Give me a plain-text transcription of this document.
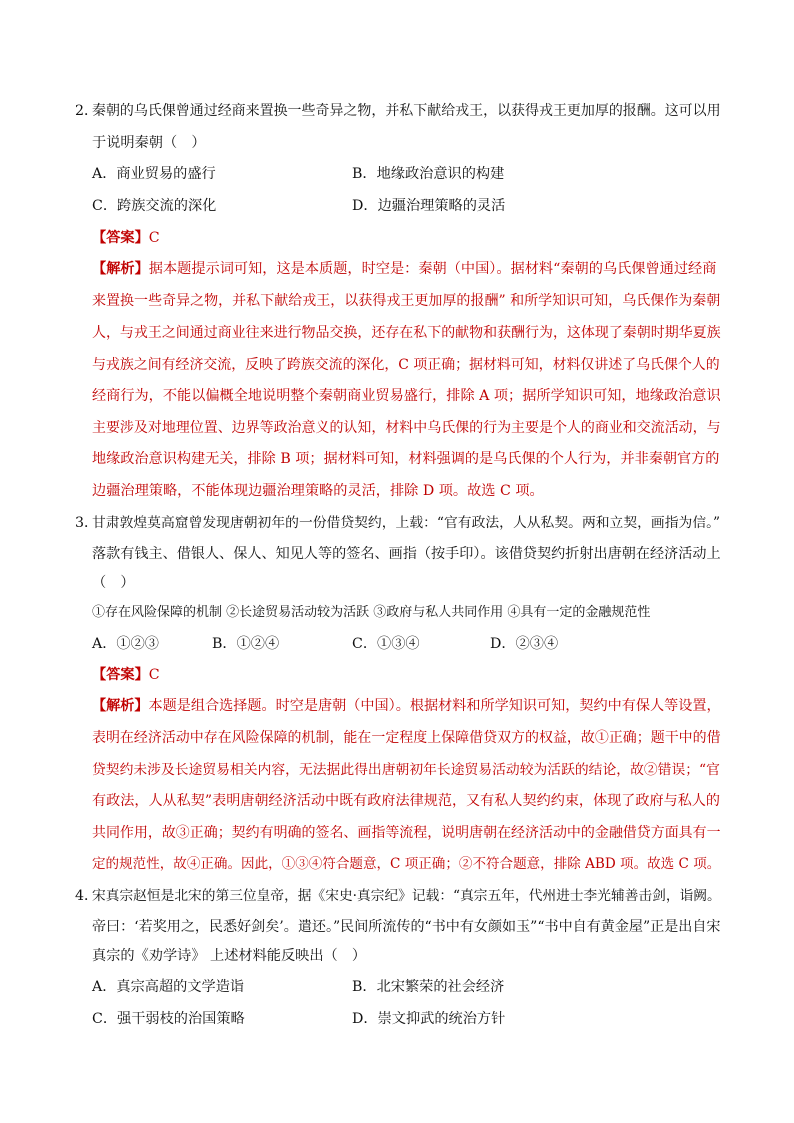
2．
秦朝的乌氏倮曾通过经商来置换一些奇异之物，并私下献给戎王，以获得戎王更加厚的报酬。这可以用
于说明秦朝（　）
A．商业贸易的盛行	B．地缘政治意识的构建
C．跨族交流的深化	D．边疆治理策略的灵活
【答案】C
【解析】据本题提示词可知，这是本质题，时空是：秦朝（中国）。据材料“秦朝的乌氏倮曾通过经商
来置换一些奇异之物，并私下献给戎王，以获得戎王更加厚的报酬” 和所学知识可知，乌氏倮作为秦朝
人，与戎王之间通过商业往来进行物品交换，还存在私下的献物和获酬行为，这体现了秦朝时期华夏族
与戎族之间有经济交流，反映了跨族交流的深化，C 项正确；据材料可知，材料仅讲述了乌氏倮个人的
经商行为，不能以偏概全地说明整个秦朝商业贸易盛行，排除 A 项；据所学知识可知，地缘政治意识
主要涉及对地理位置、边界等政治意义的认知，材料中乌氏倮的行为主要是个人的商业和交流活动，与
地缘政治意识构建无关，排除 B 项；据材料可知，材料强调的是乌氏倮的个人行为，并非秦朝官方的
边疆治理策略，不能体现边疆治理策略的灵活，排除 D 项。故选 C 项。
3．
甘肃敦煌莫高窟曾发现唐朝初年的一份借贷契约，上载：“官有政法，人从私契。两和立契，画指为信。”
落款有钱主、借银人、保人、知见人等的签名、画指（按手印）。该借贷契约折射出唐朝在经济活动上
（　）
①存在风险保障的机制 ②长途贸易活动较为活跃 ③政府与私人共同作用 ④具有一定的金融规范性
A．①②③	B．①②④	C．①③④	D．②③④
【答案】C
【解析】本题是组合选择题。时空是唐朝（中国）。根据材料和所学知识可知，契约中有保人等设置，
表明在经济活动中存在风险保障的机制，能在一定程度上保障借贷双方的权益，故①正确；题干中的借
贷契约未涉及长途贸易相关内容，无法据此得出唐朝初年长途贸易活动较为活跃的结论，故②错误；“官
有政法，人从私契”表明唐朝经济活动中既有政府法律规范，又有私人契约约束，体现了政府与私人的
共同作用，故③正确；契约有明确的签名、画指等流程，说明唐朝在经济活动中的金融借贷方面具有一
定的规范性，故④正确。因此，①③④符合题意，C 项正确；②不符合题意，排除 ABD 项。故选 C 项。
4．
宋真宗赵恒是北宋的第三位皇帝，据《宋史·真宗纪》记载：“真宗五年，代州进士李光辅善击剑，诣阙。
帝曰：‘若奖用之，民悉好剑矣’。遣还。”民间所流传的“书中有女颜如玉”“书中自有黄金屋”正是出自宋
真宗的《劝学诗》 上述材料能反映出（　）
A．真宗高超的文学造诣	B．北宋繁荣的社会经济
C．强干弱枝的治国策略	D．崇文抑武的统治方针
